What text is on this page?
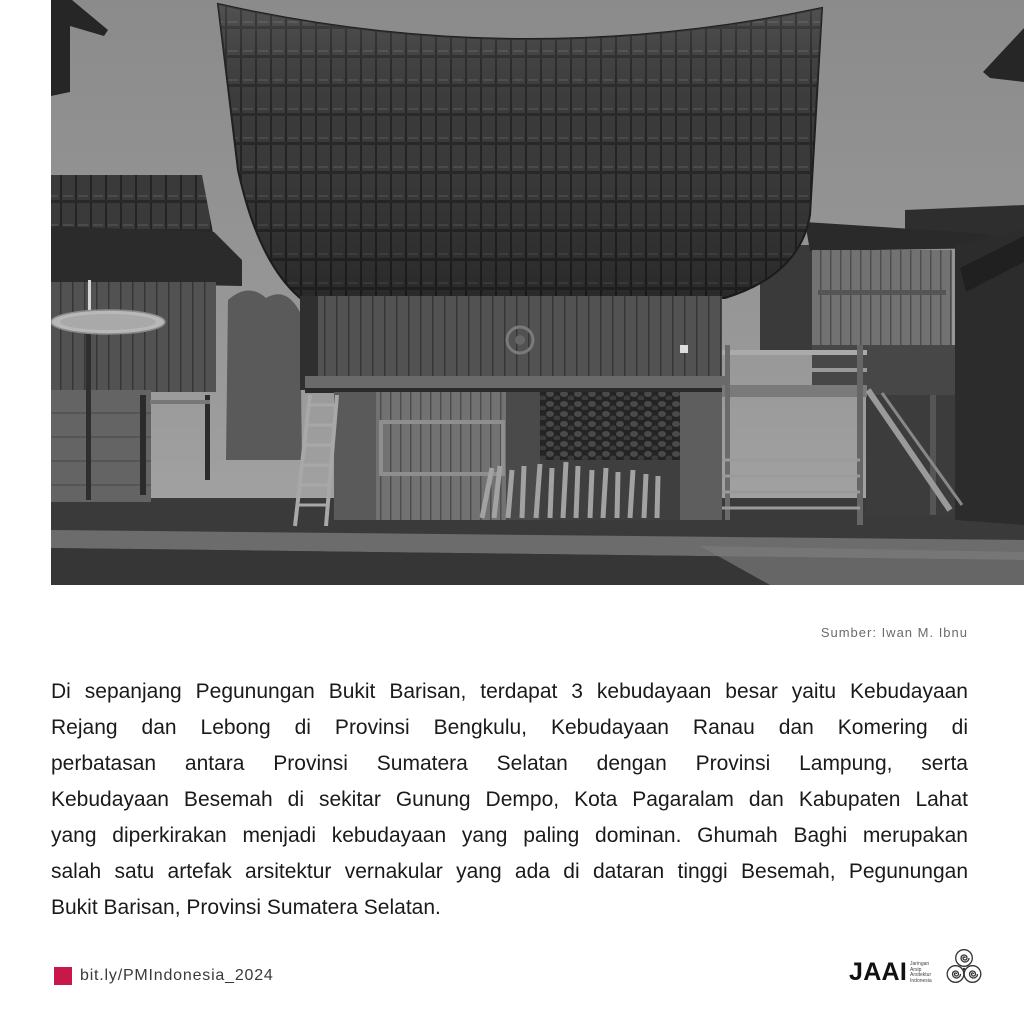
Sumber: Iwan M. Ibnu
Di sepanjang Pegunungan Bukit Barisan, terdapat 3 kebudayaan besar yaitu Kebudayaan
Rejang dan Lebong di Provinsi Bengkulu, Kebudayaan Ranau dan Komering di
perbatasan antara Provinsi Sumatera Selatan dengan Provinsi Lampung, serta
Kebudayaan Besemah di sekitar Gunung Dempo, Kota Pagaralam dan Kabupaten Lahat
yang diperkirakan menjadi kebudayaan yang paling dominan. Ghumah Baghi merupakan
salah satu artefak arsitektur vernakular yang ada di dataran tinggi Besemah, Pegunungan
Bukit Barisan, Provinsi Sumatera Selatan.
bit.ly/PMIndonesia_2024	JAAI Jaringan
Arsip
Arsitektur
Indonesia
